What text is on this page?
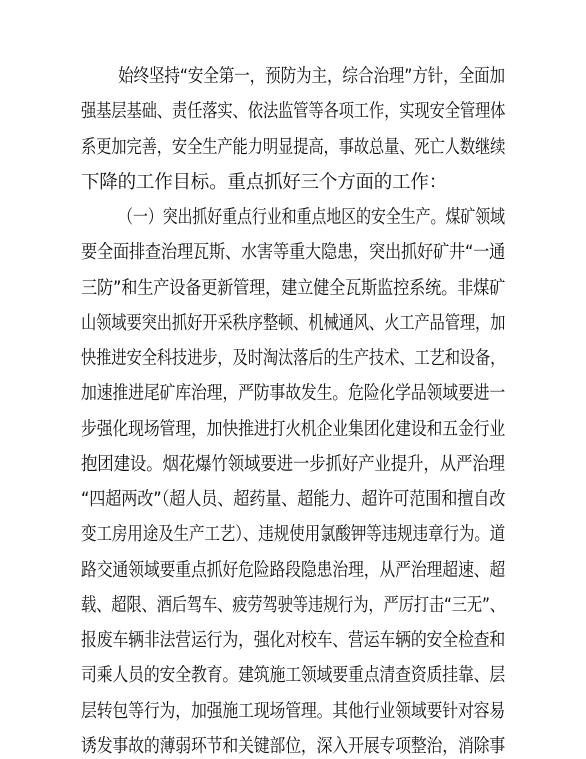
始终坚持“安全第一，预防为主，综合治理”方针，全面加
强基层基础、责任落实、依法监管等各项工作，实现安全管理体
系更加完善，安全生产能力明显提高，事故总量、死亡人数继续
下降的工作目标。重点抓好三个方面的工作：
（一）突出抓好重点行业和重点地区的安全生产。煤矿领域
要全面排查治理瓦斯、水害等重大隐患，突出抓好矿井“一通
三防”和生产设备更新管理，建立健全瓦斯监控系统。非煤矿
山领域要突出抓好开采秩序整顿、机械通风、火工产品管理，加
快推进安全科技进步，及时淘汰落后的生产技术、工艺和设备，
加速推进尾矿库治理，严防事故发生。危险化学品领域要进一
步强化现场管理，加快推进打火机企业集团化建设和五金行业
抱团建设。烟花爆竹领域要进一步抓好产业提升，从严治理
“四超两改”（超人员、超药量、超能力、超许可范围和擅自改
变工房用途及生产工艺）、违规使用氯酸钾等违规违章行为。道
路交通领域要重点抓好危险路段隐患治理，从严治理超速、超
载、超限、酒后驾车、疲劳驾驶等违规行为，严厉打击“三无”、
报废车辆非法营运行为，强化对校车、营运车辆的安全检查和
司乘人员的安全教育。建筑施工领域要重点清查资质挂靠、层
层转包等行为，加强施工现场管理。其他行业领域要针对容易
诱发事故的薄弱环节和关键部位，深入开展专项整治，消除事
